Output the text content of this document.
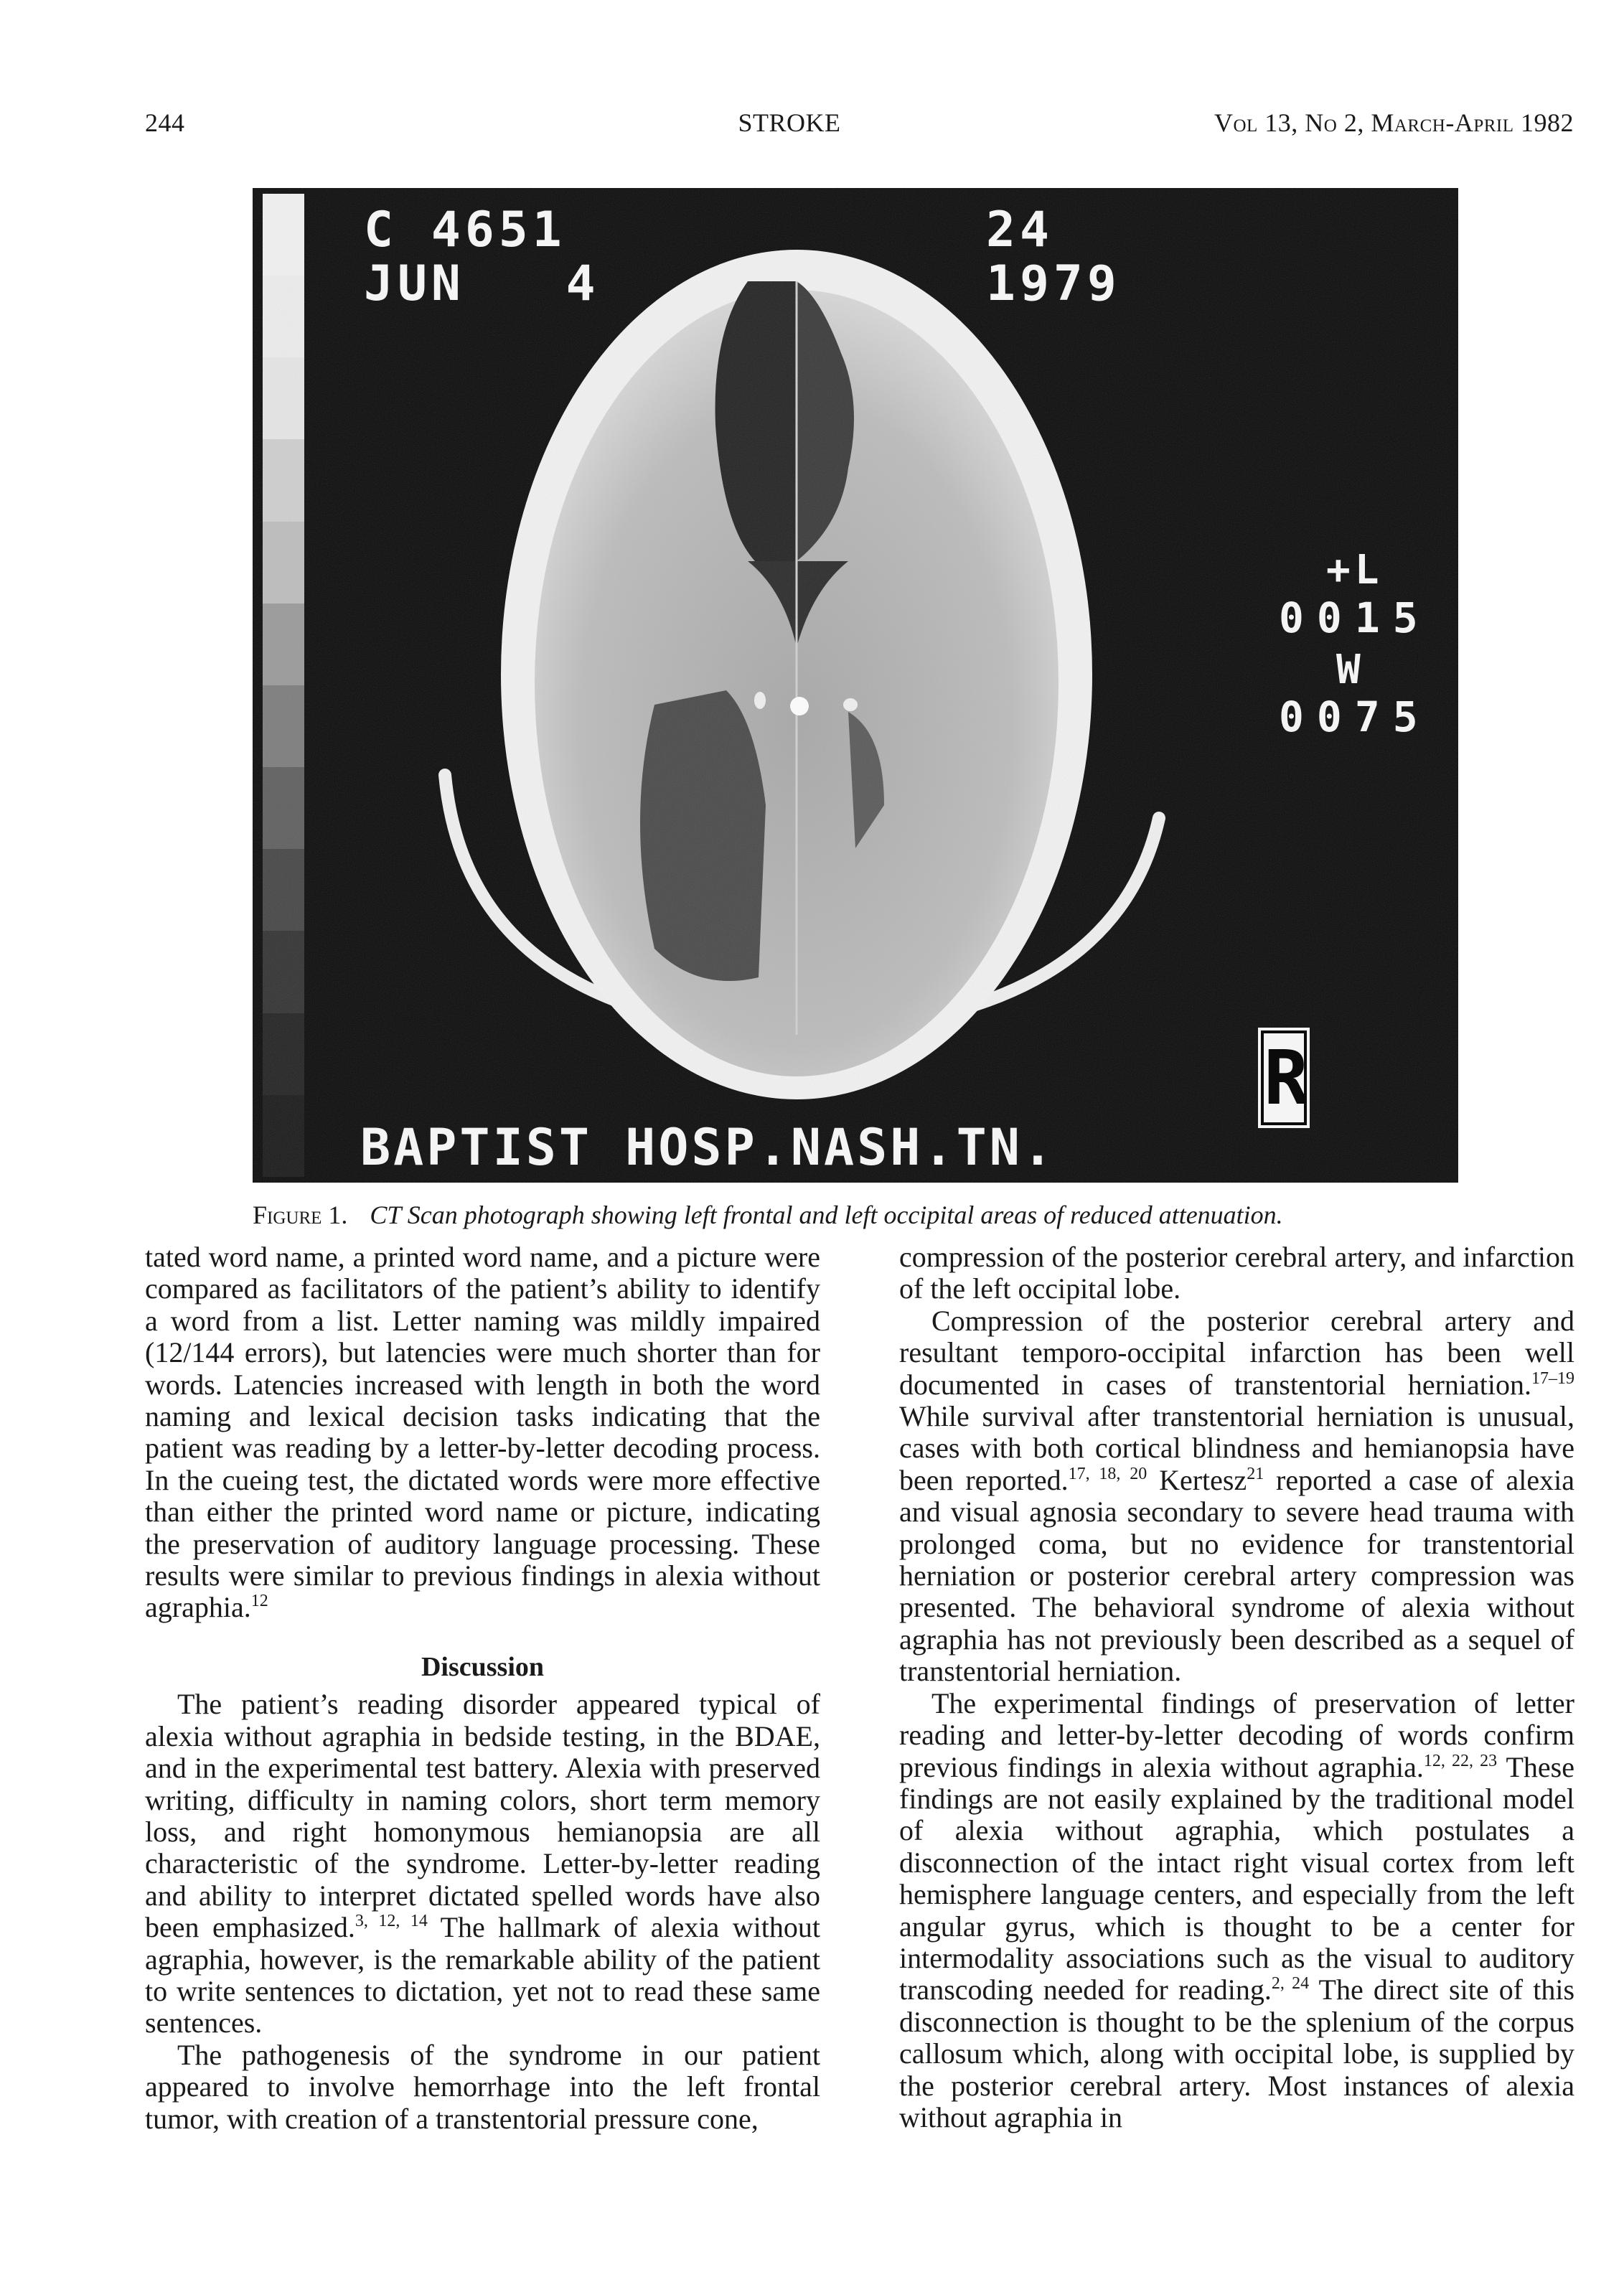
244	STROKE	Vol 13, No 2, March-April 1982
C 4651
JUN   4
24
1979
+L
0015
W
0075
R
BAPTIST HOSP.NASH.TN.
Figure 1. CT Scan photograph showing left frontal and left occipital areas of reduced attenuation.

tated word name, a printed word name, and a picture were compared as facilitators of the patient’s ability to identify a word from a list. Letter naming was mildly impaired (12/144 errors), but latencies were much shorter than for words. Latencies increased with length in both the word naming and lexical decision tasks indicating that the patient was reading by a letter-by-letter decoding process. In the cueing test, the dictated words were more effective than either the printed word name or picture, indicating the preservation of auditory language processing. These results were similar to previous findings in alexia without agraphia.$^{12}$

Discussion

The patient’s reading disorder appeared typical of alexia without agraphia in bedside testing, in the BDAE, and in the experimental test battery. Alexia with preserved writing, difficulty in naming colors, short term memory loss, and right homonymous hemianopsia are all characteristic of the syndrome. Letter-by-letter reading and ability to interpret dictated spelled words have also been emphasized.$^{3, 12, 14}$ The hallmark of alexia without agraphia, however, is the remarkable ability of the patient to write sentences to dictation, yet not to read these same sentences.

The pathogenesis of the syndrome in our patient appeared to involve hemorrhage into the left frontal tumor, with creation of a transtentorial pressure cone,

compression of the posterior cerebral artery, and infarction of the left occipital lobe.

Compression of the posterior cerebral artery and resultant temporo-occipital infarction has been well documented in cases of transtentorial herniation.$^{17-19}$ While survival after transtentorial herniation is unusual, cases with both cortical blindness and hemianopsia have been reported.$^{17, 18, 20}$ Kertesz$^{21}$ reported a case of alexia and visual agnosia secondary to severe head trauma with prolonged coma, but no evidence for transtentorial herniation or posterior cerebral artery compression was presented. The behavioral syndrome of alexia without agraphia has not previously been described as a sequel of transtentorial herniation.

The experimental findings of preservation of letter reading and letter-by-letter decoding of words confirm previous findings in alexia without agraphia.$^{12, 22, 23}$ These findings are not easily explained by the traditional model of alexia without agraphia, which postulates a disconnection of the intact right visual cortex from left hemisphere language centers, and especially from the left angular gyrus, which is thought to be a center for intermodality associations such as the visual to auditory transcoding needed for reading.$^{2, 24}$ The direct site of this disconnection is thought to be the splenium of the corpus callosum which, along with occipital lobe, is supplied by the posterior cerebral artery. Most instances of alexia without agraphia in
